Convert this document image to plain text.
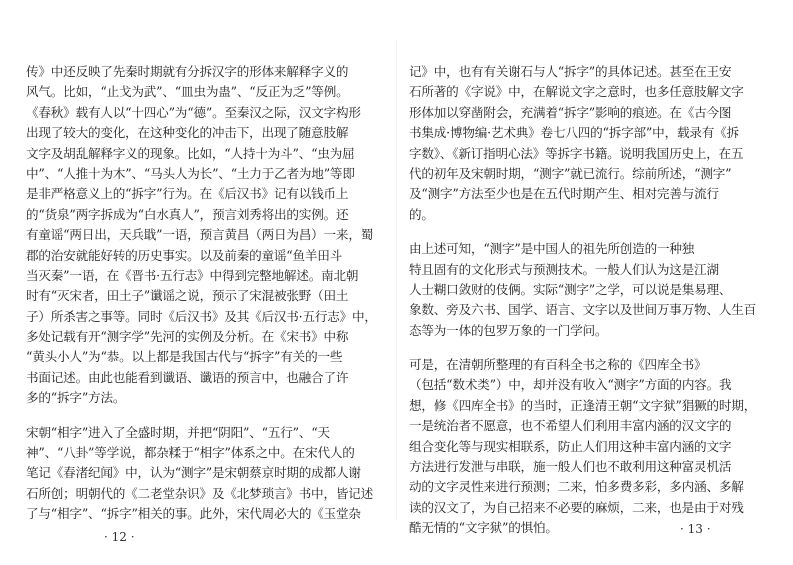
传》中还反映了先秦时期就有分拆汉字的形体来解释字义的
风气。比如，“止戈为武”、“皿虫为蛊”、“反正为乏”等例。
《春秋》载有人以“十四心”为“德”。至秦汉之际，汉文字构形
出现了较大的变化，在这种变化的冲击下，出现了随意肢解
文字及胡乱解释字义的现象。比如，“人持十为斗”、“虫为屈
中”、“人推十为木”、“马头人为长”、“土力于乙者为地”等即
是非严格意义上的“拆字”行为。在《后汉书》记有以钱币上
的“货泉”两字拆成为“白水真人”，预言刘秀将出的实例。还
有童谣“两日出，天兵戢”一语，预言黄昌（两日为昌）一来，蜀
郡的治安就能好转的历史事实。以及前秦的童谣“鱼羊田斗
当灭秦”一语，在《晋书·五行志》中得到完整地解述。南北朝
时有“灭宋者，田土子”谶谣之说，预示了宋混被张野（田土
子）所杀害之事等。同时《后汉书》及其《后汉书·五行志》中，
多处记载有开“测字学”先河的实例及分析。在《宋书》中称
“黄头小人”为“恭。以上都是我国古代与“拆字”有关的一些
书面记述。由此也能看到谶语、谶语的预言中，也融合了许
多的“拆字”方法。

宋朝“相字”进入了全盛时期，并把“阴阳”、“五行”、“天
神”、“八卦”等学说，都杂糅于“相字”体系之中。在宋代人的
笔记《春渚纪闻》中，认为“测字”是宋朝蔡京时期的成都人谢
石所创；明朝代的《二老堂杂识》及《北梦琐言》书中，皆记述
了与“相字”、“拆字”相关的事。此外，宋代周必大的《玉堂杂

· 12 ·

记》中，也有有关谢石与人“拆字”的具体记述。甚至在王安
石所著的《字说》中，在解说文字之意时，也多任意肢解文字
形体加以穿凿附会，充满着“拆字”影响的痕迹。在《古今图
书集成·博物编·艺术典》卷七八四的“拆字部”中，载录有《拆
字数》、《新订指明心法》等拆字书籍。说明我国历史上，在五
代的初年及宋朝时期，“测字”就已流行。综前所述，“测字”
及“测字”方法至少也是在五代时期产生、相对完善与流行
的。

由上述可知，“测字”是中国人的祖先所创造的一种独
特且固有的文化形式与预测技术。一般人们认为这是江湖
人士糊口敛财的伎俩。实际“测字”之学，可以说是集易理、
象数、旁及六书、国学、语言、文字以及世间万事万物、人生百
态等为一体的包罗万象的一门学问。

可是，在清朝所整理的有百科全书之称的《四库全书》
（包括“数术类”）中，却并没有收入“测字”方面的内容。我
想，修《四库全书》的当时，正逢清王朝“文字狱”猖獗的时期，
一是统治者不愿意，也不希望人们利用丰富内涵的汉文字的
组合变化等与现实相联系，防止人们用这种丰富内涵的文字
方法进行发泄与串联，施一般人们也不敢利用这种富灵机活
动的文字灵性来进行预测；二来，怕多费多彩，多内涵、多解
读的汉文了，为自己招来不必要的麻烦，二来，也是由于对残
酷无情的“文字狱”的惧怕。	· 13 ·
